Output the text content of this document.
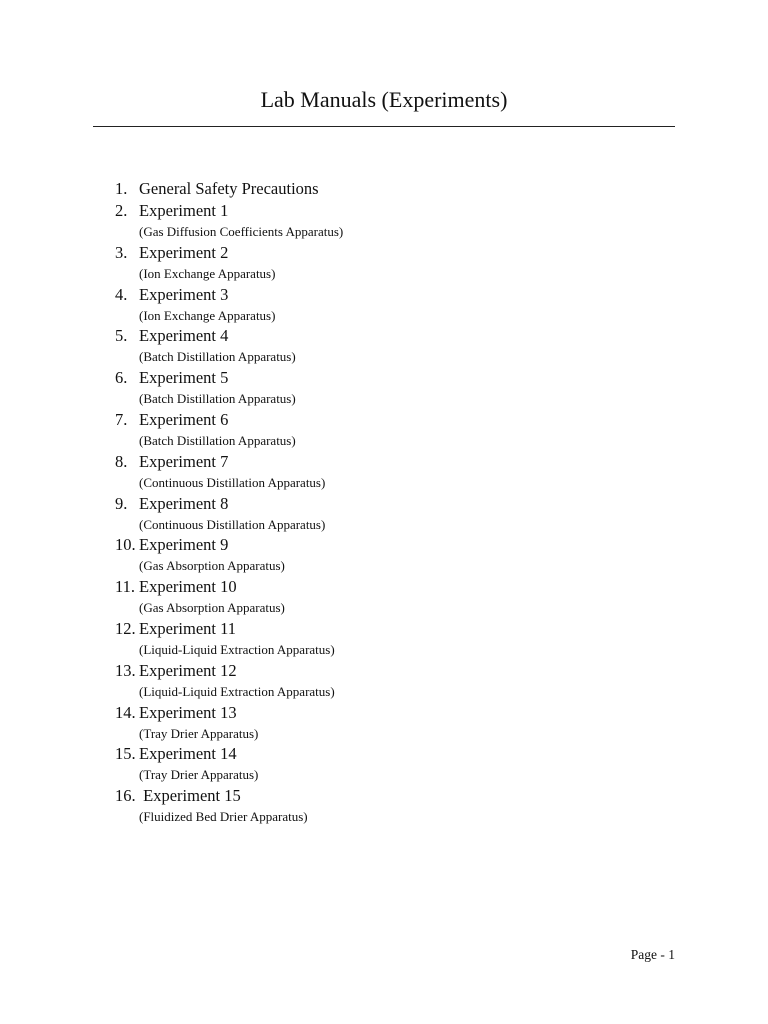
Lab Manuals (Experiments)
1. General Safety Precautions
2. Experiment 1
(Gas Diffusion Coefficients Apparatus)
3. Experiment 2
(Ion Exchange Apparatus)
4. Experiment 3
(Ion Exchange Apparatus)
5. Experiment 4
(Batch Distillation Apparatus)
6. Experiment 5
(Batch Distillation Apparatus)
7. Experiment 6
(Batch Distillation Apparatus)
8. Experiment 7
(Continuous Distillation Apparatus)
9. Experiment 8
(Continuous Distillation Apparatus)
10. Experiment 9
(Gas Absorption Apparatus)
11. Experiment 10
(Gas Absorption Apparatus)
12. Experiment 11
(Liquid-Liquid Extraction Apparatus)
13. Experiment 12
(Liquid-Liquid Extraction Apparatus)
14. Experiment 13
(Tray Drier Apparatus)
15. Experiment 14
(Tray Drier Apparatus)
16. Experiment 15
(Fluidized Bed Drier Apparatus)
Page - 1
